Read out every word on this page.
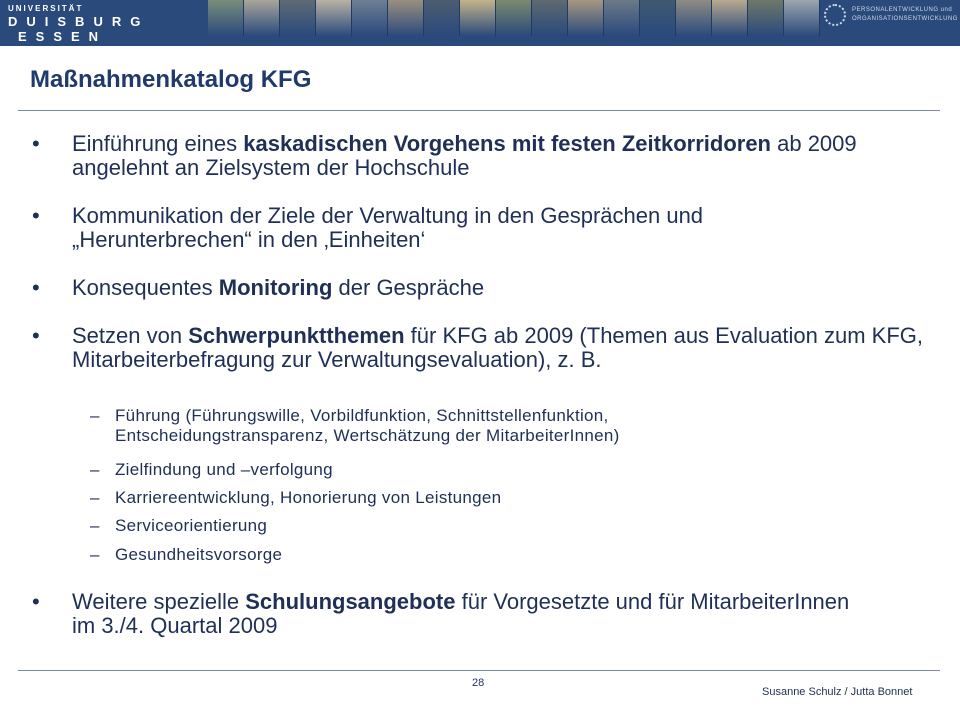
UNIVERSITÄT
DUISBURG
ESSEN
PERSONALENTWICKLUNG und
ORGANISATIONSENTWICKLUNG
Maßnahmenkatalog KFG
•	Einführung eines kaskadischen Vorgehens mit festen Zeitkorridoren ab 2009 angelehnt an Zielsystem der Hochschule
•	Kommunikation der Ziele der Verwaltung in den Gesprächen und
„Herunterbrechen“ in den ‚Einheiten‘
•	Konsequentes Monitoring der Gespräche
•	Setzen von Schwerpunktthemen für KFG ab 2009 (Themen aus Evaluation zum KFG, Mitarbeiterbefragung zur Verwaltungsevaluation), z. B.
– Führung (Führungswille, Vorbildfunktion, Schnittstellenfunktion,
Entscheidungstransparenz, Wertschätzung der MitarbeiterInnen)
– Zielfindung und –verfolgung
– Karriereentwicklung, Honorierung von Leistungen
– Serviceorientierung
– Gesundheitsvorsorge
•	Weitere spezielle Schulungsangebote für Vorgesetzte und für MitarbeiterInnen im 3./4. Quartal 2009
28
Susanne Schulz / Jutta Bonnet
